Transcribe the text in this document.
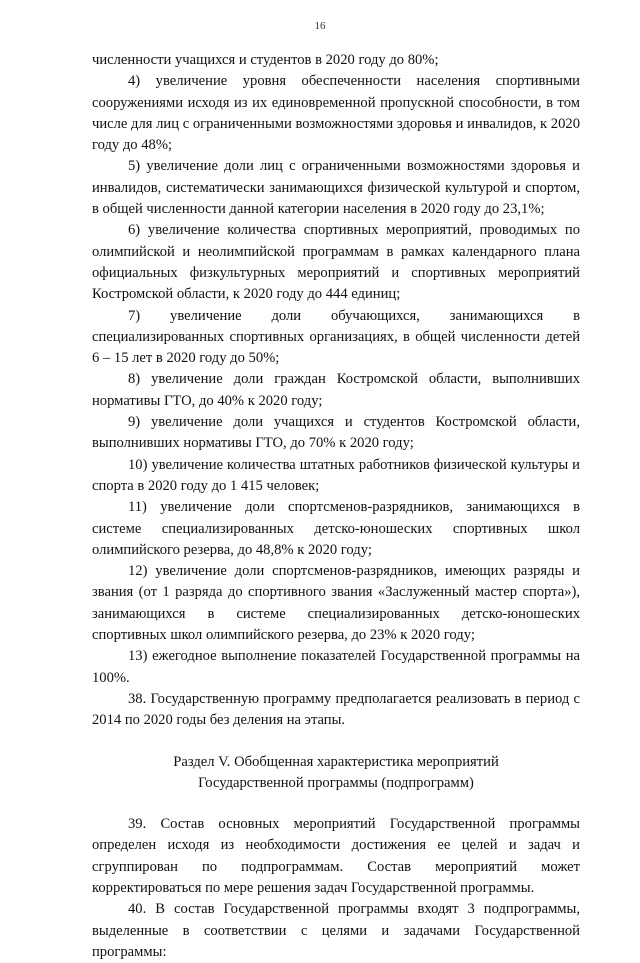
16

численности учащихся и студентов в 2020 году до 80%;

4) увеличение уровня обеспеченности населения спортивными сооружениями исходя из их единовременной пропускной способности, в том числе для лиц с ограниченными возможностями здоровья и инвалидов, к 2020 году до 48%;

5) увеличение доли лиц с ограниченными возможностями здоровья и инвалидов, систематически занимающихся физической культурой и спортом, в общей численности данной категории населения в 2020 году до 23,1%;

6) увеличение количества спортивных мероприятий, проводимых по олимпийской и неолимпийской программам в рамках календарного плана официальных физкультурных мероприятий и спортивных мероприятий Костромской области, к 2020 году до 444 единиц;

7) увеличение доли обучающихся, занимающихся в специализированных спортивных организациях, в общей численности детей 6 – 15 лет в 2020 году до 50%;

8) увеличение доли граждан Костромской области, выполнивших нормативы ГТО, до 40% к 2020 году;

9) увеличение доли учащихся и студентов Костромской области, выполнивших нормативы ГТО, до 70% к 2020 году;

10) увеличение количества штатных работников физической культуры и спорта в 2020 году до 1 415 человек;

11) увеличение доли спортсменов-разрядников, занимающихся в системе специализированных детско-юношеских спортивных школ олимпийского резерва, до 48,8% к 2020 году;

12) увеличение доли спортсменов-разрядников, имеющих разряды и звания (от 1 разряда до спортивного звания «Заслуженный мастер спорта»), занимающихся в системе специализированных детско-юношеских спортивных школ олимпийского резерва, до 23% к 2020 году;

13) ежегодное выполнение показателей Государственной программы на 100%.

38. Государственную программу предполагается реализовать в период с 2014 по 2020 годы без деления на этапы.

Раздел V. Обобщенная характеристика мероприятий
Государственной программы (подпрограмм)

39. Состав основных мероприятий Государственной программы определен исходя из необходимости достижения ее целей и задач и сгруппирован по подпрограммам. Состав мероприятий может корректироваться по мере решения задач Государственной программы.

40. В состав Государственной программы входят 3 подпрограммы, выделенные в соответствии с целями и задачами Государственной программы:
